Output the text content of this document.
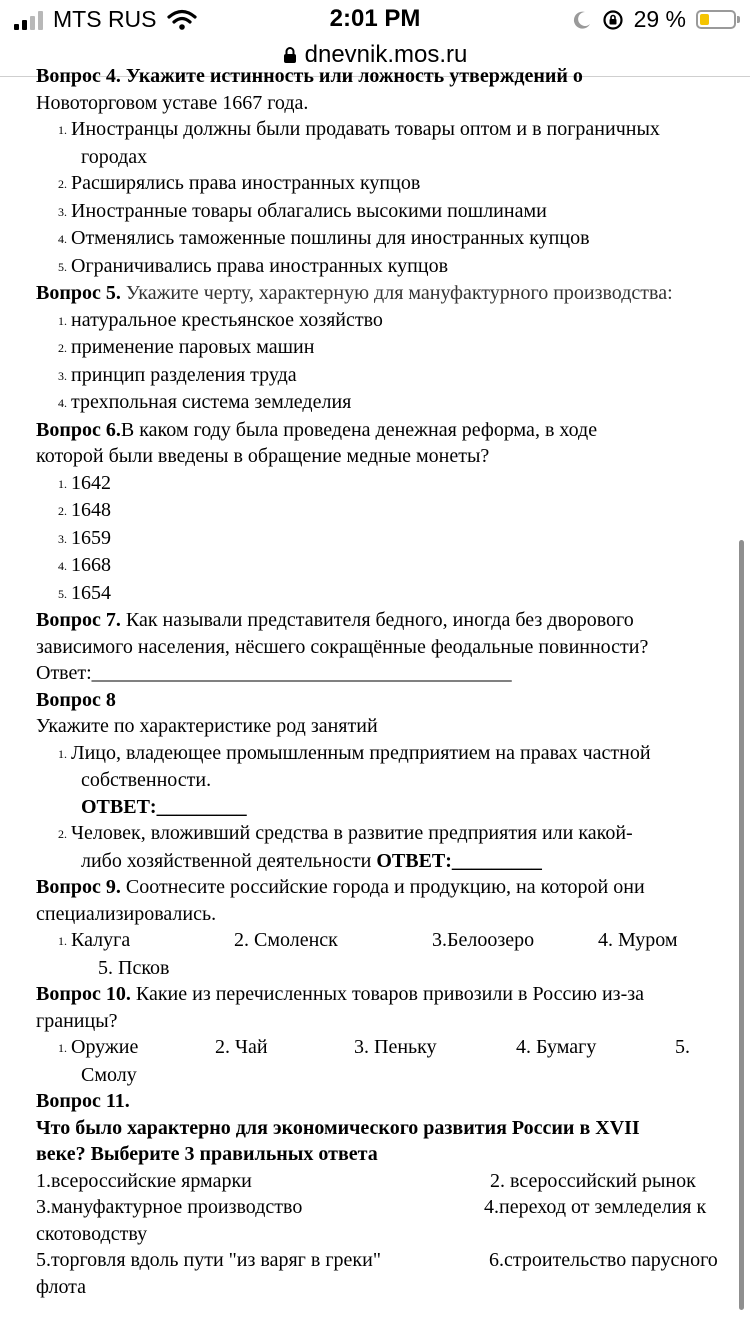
MTS RUS	2:01 PM	29 %
dnevnik.mos.ru

Вопрос 4. Укажите истинность или ложность утверждений о

Новоторговом уставе 1667 года.

1. Иностранцы должны были продавать товары оптом и в пограничных

городах

2. Расширялись права иностранных купцов

3. Иностранные товары облагались высокими пошлинами

4. Отменялись таможенные пошлины для иностранных купцов

5. Ограничивались права иностранных купцов

Вопрос 5. Укажите черту, характерную для мануфактурного производства:

1. натуральное крестьянское хозяйство

2. применение паровых машин

3. принцип разделения труда

4. трехпольная система земледелия

Вопрос 6.В каком году была проведена денежная реформа, в ходе

которой были введены в обращение медные монеты?

1. 1642

2. 1648

3. 1659

4. 1668

5. 1654

Вопрос 7. Как называли представителя бедного, иногда без дворового

зависимого населения, нёсшего сокращённые феодальные повинности?

Ответ:__________________________________________

Вопрос 8

Укажите по характеристике род занятий

1. Лицо, владеющее промышленным предприятием на правах частной

собственности.

ОТВЕТ:_________

2. Человек, вложивший средства в развитие предприятия или какой-

либо хозяйственной деятельности ОТВЕТ:_________

Вопрос 9. Соотнесите российские города и продукцию, на которой они

специализировались.

1. Калуга	2. Смоленск	3.Белоозеро	4. Муром

5. Псков

Вопрос 10. Какие из перечисленных товаров привозили в Россию из-за

границы?

1. Оружие	2. Чай	3. Пеньку	4. Бумагу	5.

Смолу

Вопрос 11.

Что было характерно для экономического развития России в XVII

веке? Выберите 3 правильных ответа

1.всероссийские ярмарки	2. всероссийский рынок

3.мануфактурное производство	4.переход от земледелия к

скотоводству

5.торговля вдоль пути "из варяг в греки"	6.строительство парусного

флота
